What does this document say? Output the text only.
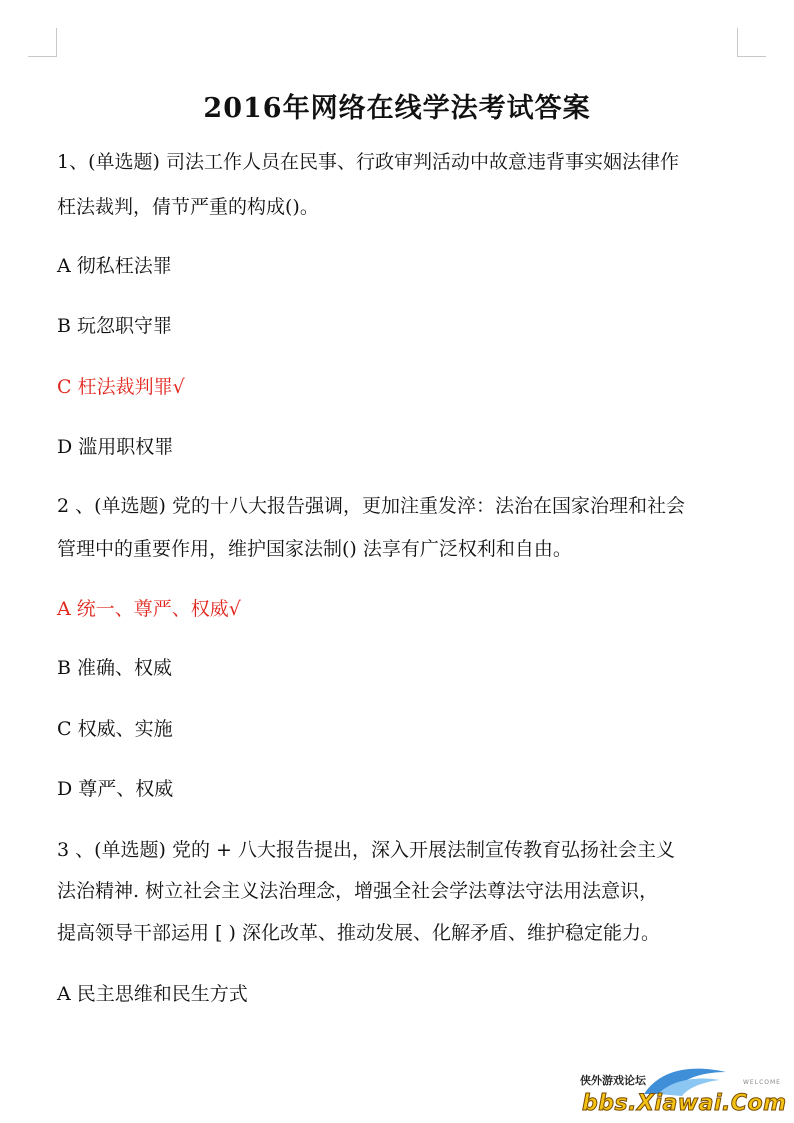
2016年网络在线学法考试答案
1、(单选题) 司法工作人员在民事、行政审判活动中故意违背事实姻法律作
枉法裁判，倩节严重的构成()。
A 彻私枉法罪
B 玩忽职守罪
C 枉法裁判罪√
D 滥用职权罪
2 、(单选题) 党的十八大报告强调，更加注重发淬：法治在国家治理和社会
管理中的重要作用，维护国家法制() 法享有广泛权利和自由。
A 统一、尊严、权威√
B 准确、权威
C 权威、实施
D 尊严、权威
3 、(单选题) 党的 + 八大报告提出，深入开展法制宣传教育弘扬社会主义
法治精神. 树立社会主义法治理念，增强全社会学法尊法守法用法意识，
提高领导干部运用 [ ) 深化改革、推动发展、化解矛盾、维护稳定能力。
A 民主思维和民生方式
侠外游戏论坛	WELCOME
bbs.Xiawai.Com
